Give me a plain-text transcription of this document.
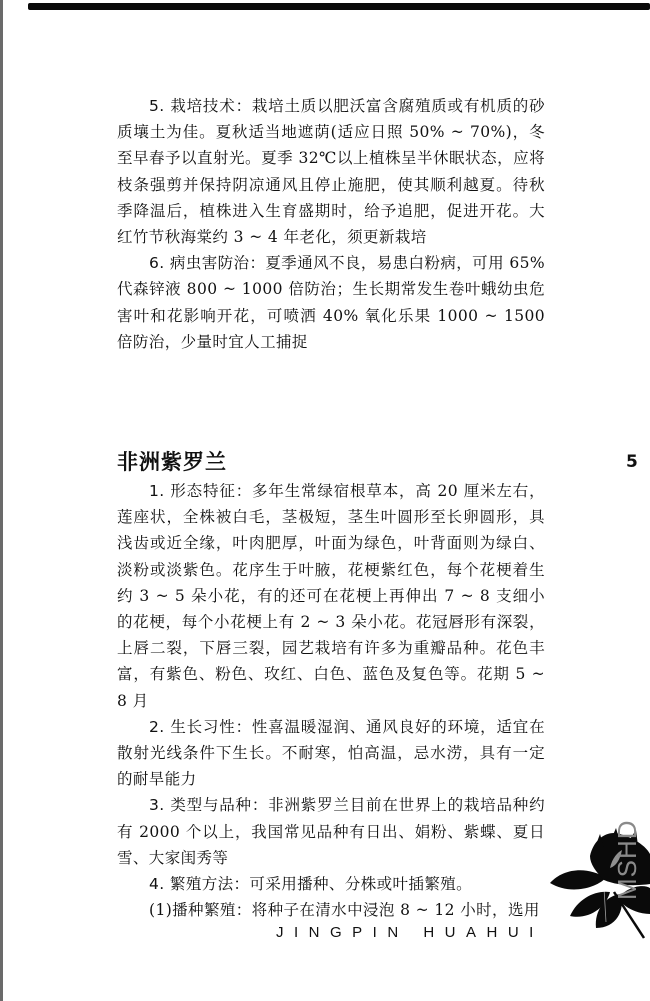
5. 栽培技术：栽培土质以肥沃富含腐殖质或有机质的砂质壤土为佳。夏秋适当地遮荫(适应日照 50% ~ 70%)，冬至早春予以直射光。夏季 32℃以上植株呈半休眠状态，应将枝条强剪并保持阴凉通风且停止施肥，使其顺利越夏。待秋季降温后，植株进入生育盛期时，给予追肥，促进开花。大红竹节秋海棠约 3 ~ 4 年老化，须更新栽培

6. 病虫害防治：夏季通风不良，易患白粉病，可用 65% 代森锌液 800 ~ 1000 倍防治；生长期常发生卷叶蛾幼虫危害叶和花影响开花，可喷洒 40% 氧化乐果 1000 ~ 1500 倍防治，少量时宜人工捕捉

非洲紫罗兰	5

1. 形态特征：多年生常绿宿根草本，高 20 厘米左右，莲座状，全株被白毛，茎极短，茎生叶圆形至长卵圆形，具浅齿或近全缘，叶肉肥厚，叶面为绿色，叶背面则为绿白、淡粉或淡紫色。花序生于叶腋，花梗紫红色，每个花梗着生约 3 ~ 5 朵小花，有的还可在花梗上再伸出 7 ~ 8 支细小的花梗，每个小花梗上有 2 ~ 3 朵小花。花冠唇形有深裂，上唇二裂，下唇三裂，园艺栽培有许多为重瓣品种。花色丰富，有紫色、粉色、玫红、白色、蓝色及复色等。花期 5 ~ 8 月

2. 生长习性：性喜温暖湿润、通风良好的环境，适宜在散射光线条件下生长。不耐寒，怕高温，忌水涝，具有一定的耐旱能力

3. 类型与品种：非洲紫罗兰目前在世界上的栽培品种约有 2000 个以上，我国常见品种有日出、娟粉、紫蝶、夏日雪、大家闺秀等

4. 繁殖方法：可采用播种、分株或叶插繁殖。

(1)播种繁殖：将种子在清水中浸泡 8 ~ 12 小时，选用

JINGPIN HUAHUI
MSHD
